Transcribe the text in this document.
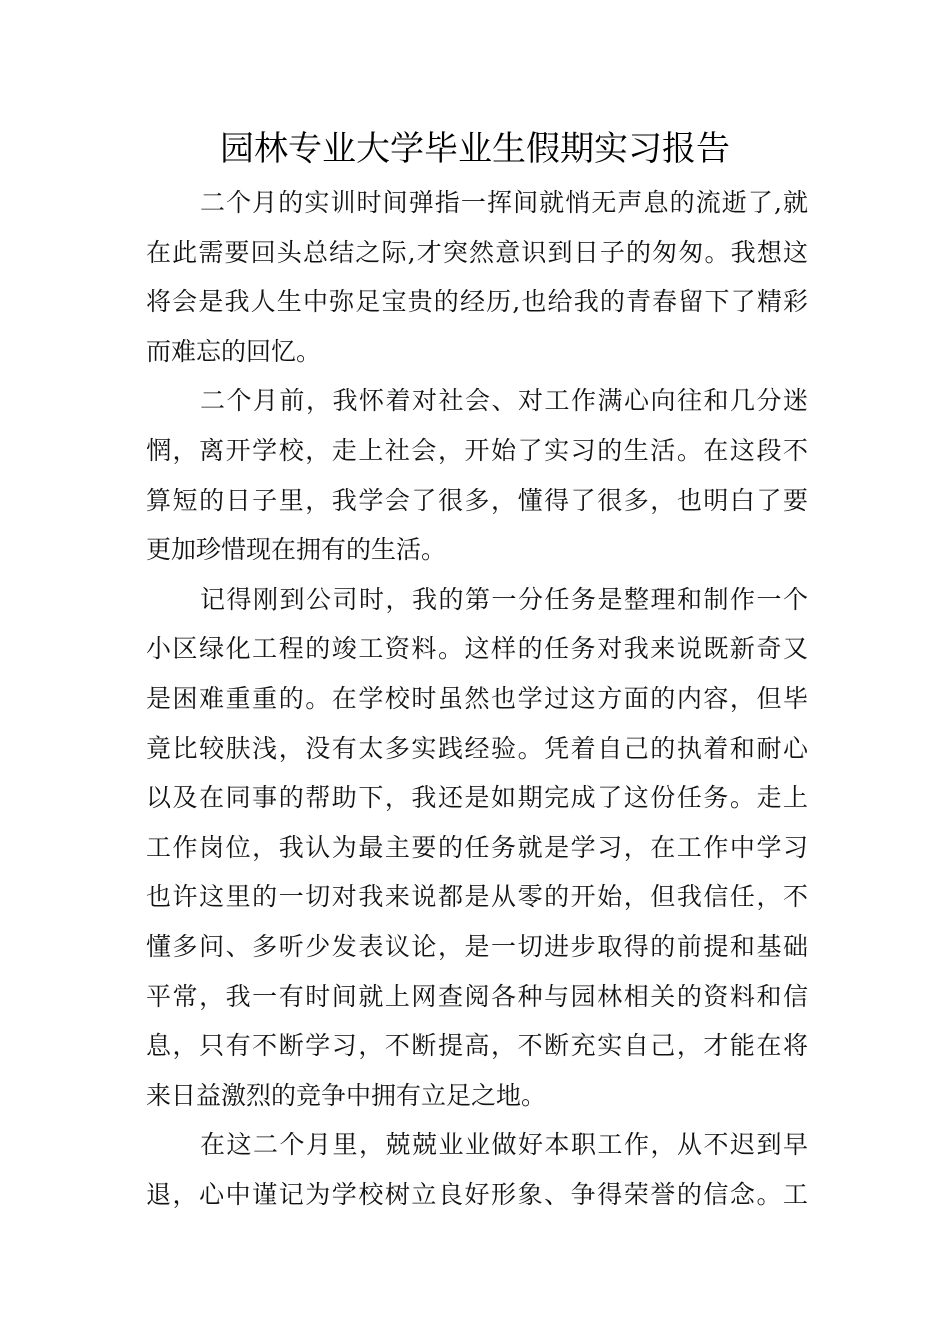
园林专业大学毕业生假期实习报告
二个月的实训时间弹指一挥间就悄无声息的流逝了,就
在此需要回头总结之际,才突然意识到日子的匆匆。我想这
将会是我人生中弥足宝贵的经历,也给我的青春留下了精彩
而难忘的回忆。
二个月前，我怀着对社会、对工作满心向往和几分迷
惘，离开学校，走上社会，开始了实习的生活。在这段不
算短的日子里，我学会了很多，懂得了很多，也明白了要
更加珍惜现在拥有的生活。
记得刚到公司时，我的第一分任务是整理和制作一个
小区绿化工程的竣工资料。这样的任务对我来说既新奇又
是困难重重的。在学校时虽然也学过这方面的内容，但毕
竟比较肤浅，没有太多实践经验。凭着自己的执着和耐心
以及在同事的帮助下，我还是如期完成了这份任务。走上
工作岗位，我认为最主要的任务就是学习，在工作中学习
也许这里的一切对我来说都是从零的开始，但我信任，不
懂多问、多听少发表议论，是一切进步取得的前提和基础
平常，我一有时间就上网查阅各种与园林相关的资料和信
息，只有不断学习，不断提高，不断充实自己，才能在将
来日益激烈的竞争中拥有立足之地。
在这二个月里，兢兢业业做好本职工作，从不迟到早
退，心中谨记为学校树立良好形象、争得荣誉的信念。工
